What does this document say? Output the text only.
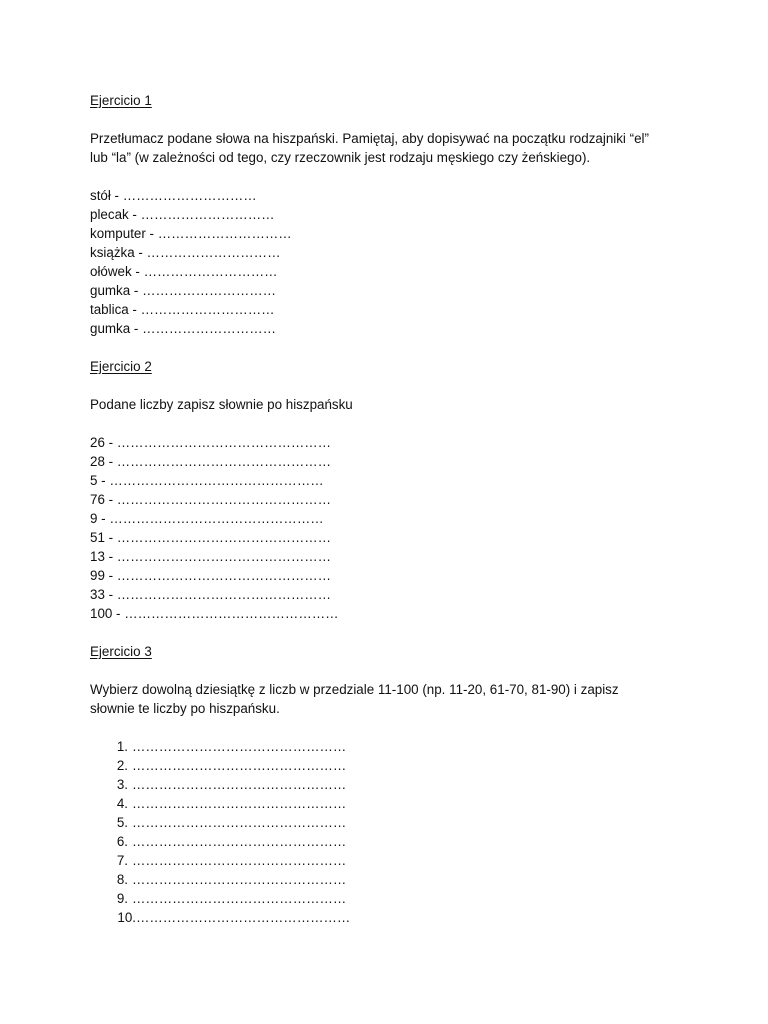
Ejercicio 1
Przetłumacz podane słowa na hiszpański. Pamiętaj, aby dopisywać na początku rodzajniki “el”
lub “la” (w zależności od tego, czy rzeczownik jest rodzaju męskiego czy żeńskiego).
stół - …………………………
plecak - …………………………
komputer - …………………………
książka - …………………………
ołówek - …………………………
gumka - …………………………
tablica - …………………………
gumka - …………………………
Ejercicio 2
Podane liczby zapisz słownie po hiszpańsku
26 - …………………………………………
28 - …………………………………………
5 - …………………………………………
76 - …………………………………………
9 - …………………………………………
51 - …………………………………………
13 - …………………………………………
99 - …………………………………………
33 - …………………………………………
100 - …………………………………………
Ejercicio 3
Wybierz dowolną dziesiątkę z liczb w przedziale 11-100 (np. 11-20, 61-70, 81-90) i zapisz
słownie te liczby po hiszpańsku.
1. …………………………………………
2. …………………………………………
3. …………………………………………
4. …………………………………………
5. …………………………………………
6. …………………………………………
7. …………………………………………
8. …………………………………………
9. …………………………………………
10. …………………………………………
